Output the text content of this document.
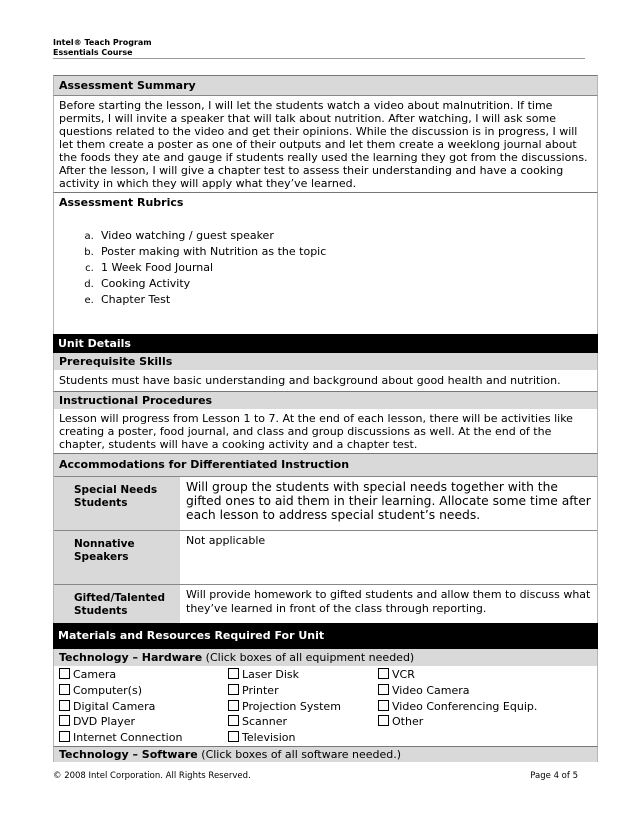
Intel® Teach Program
Essentials Course
Assessment Summary
Before starting the lesson, I will let the students watch a video about malnutrition. If time permits, I will invite a speaker that will talk about nutrition. After watching, I will ask some questions related to the video and get their opinions. While the discussion is in progress, I will let them create a poster as one of their outputs and let them create a weeklong journal about the foods they ate and gauge if students really used the learning they got from the discussions. After the lesson, I will give a chapter test to assess their understanding and have a cooking activity in which they will apply what they’ve learned.
Assessment Rubrics
a. Video watching / guest speaker
b. Poster making with Nutrition as the topic
c. 1 Week Food Journal
d. Cooking Activity
e. Chapter Test
Unit Details
Prerequisite Skills
Students must have basic understanding and background about good health and nutrition.
Instructional Procedures
Lesson will progress from Lesson 1 to 7. At the end of each lesson, there will be activities like creating a poster, food journal, and class and group discussions as well. At the end of the chapter, students will have a cooking activity and a chapter test.
Accommodations for Differentiated Instruction
Special Needs Students
Will group the students with special needs together with the gifted ones to aid them in their learning. Allocate some time after each lesson to address special student’s needs.
Nonnative Speakers
Not applicable
Gifted/Talented Students
Will provide homework to gifted students and allow them to discuss what they’ve learned in front of the class through reporting.
Materials and Resources Required For Unit
Technology – Hardware (Click boxes of all equipment needed)
Camera
Computer(s)
Digital Camera
DVD Player
Internet Connection
Laser Disk
Printer
Projection System
Scanner
Television
VCR
Video Camera
Video Conferencing Equip.
Other
Technology – Software (Click boxes of all software needed.)
© 2008 Intel Corporation. All Rights Reserved.	Page 4 of 5
